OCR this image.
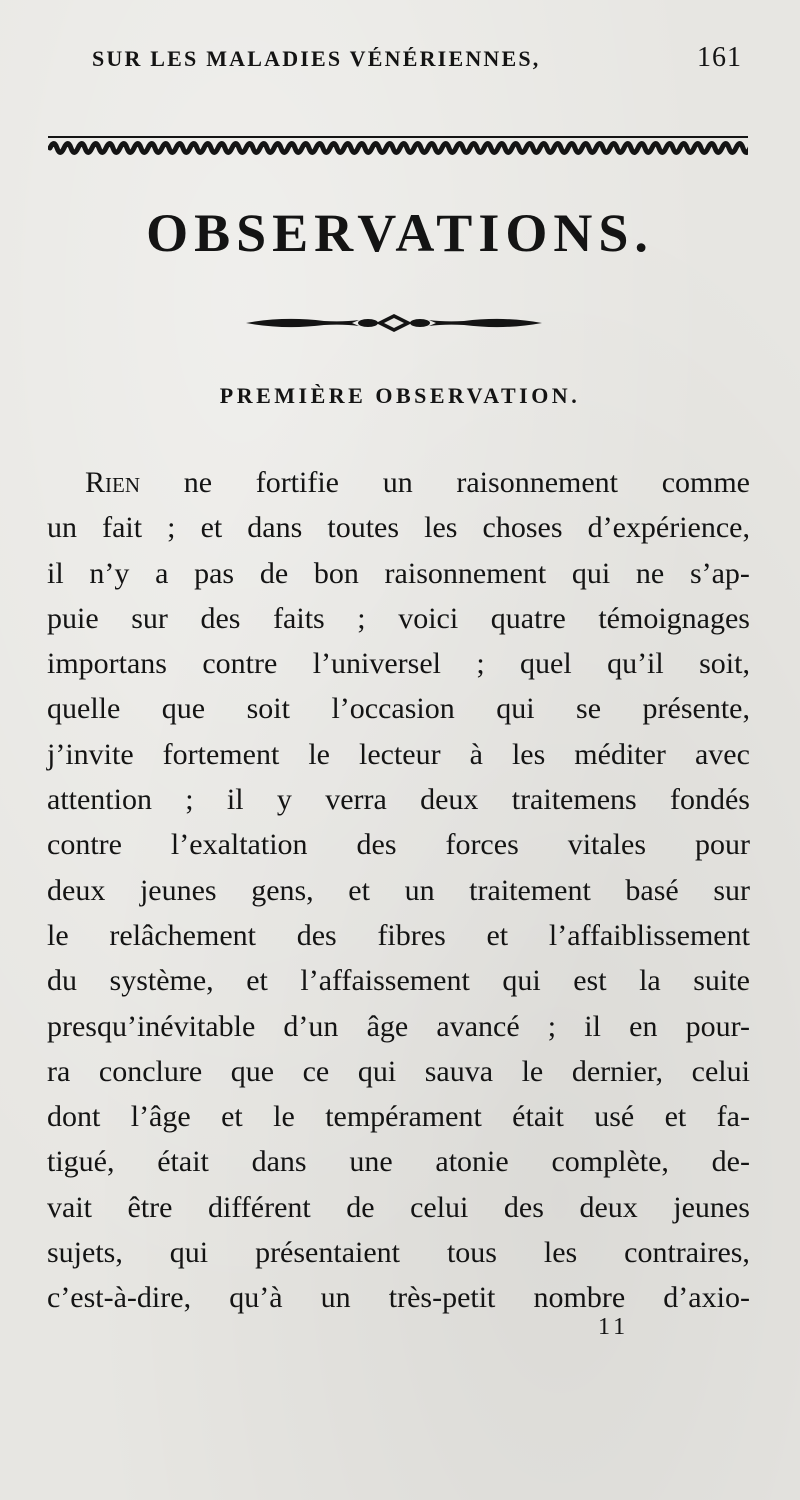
SUR LES MALADIES VÉNÉRIENNES,	161
OBSERVATIONS.
PREMIÈRE OBSERVATION.
Rien ne fortifie un raisonnement comme
un fait ; et dans toutes les choses d’expérience,
il n’y a pas de bon raisonnement qui ne s’ap-
puie sur des faits ; voici quatre témoignages
importans contre l’universel ; quel qu’il soit,
quelle que soit l’occasion qui se présente,
j’invite fortement le lecteur à les méditer avec
attention ; il y verra deux traitemens fondés
contre l’exaltation des forces vitales pour
deux jeunes gens, et un traitement basé sur
le relâchement des fibres et l’affaiblissement
du système, et l’affaissement qui est la suite
presqu’inévitable d’un âge avancé ; il en pour-
ra conclure que ce qui sauva le dernier, celui
dont l’âge et le tempérament était usé et fa-
tigué, était dans une atonie complète, de-
vait être différent de celui des deux jeunes
sujets, qui présentaient tous les contraires,
c’est-à-dire, qu’à un très-petit nombre d’axio-
11
